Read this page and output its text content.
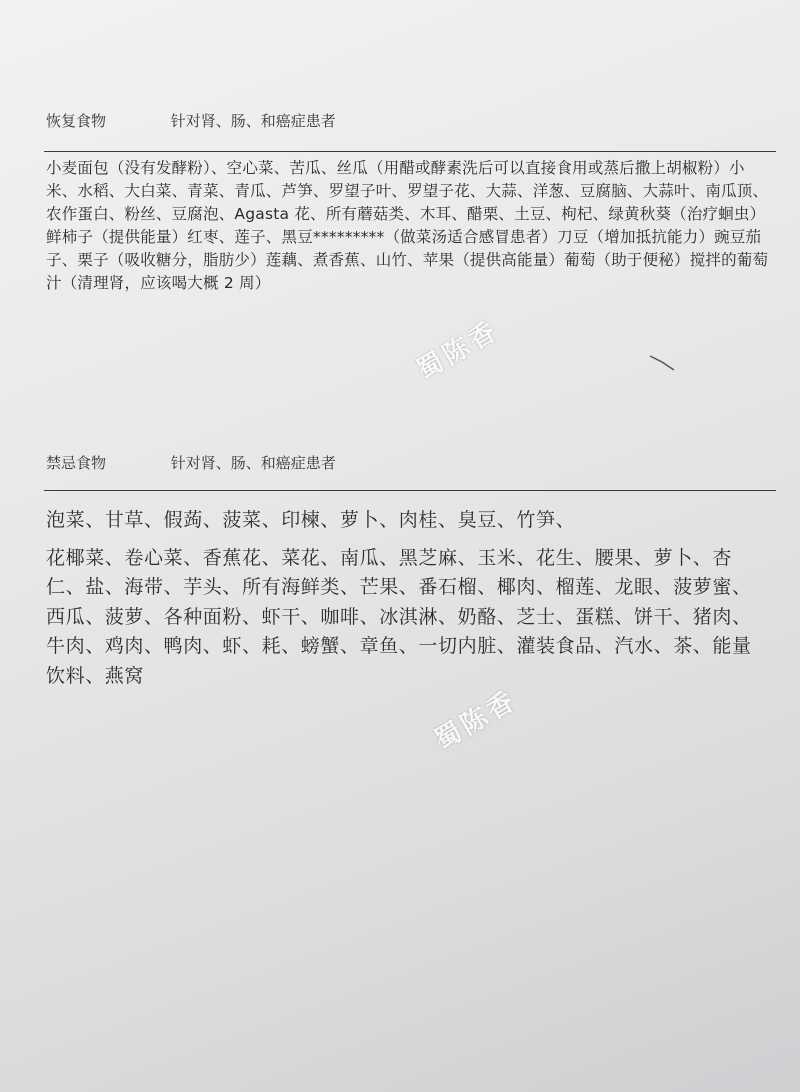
恢复食物	针对肾、肠、和癌症患者

小麦面包（没有发酵粉）、空心菜、苦瓜、丝瓜（用醋或酵素洗后可以直接食用或蒸后撒上胡椒粉）小米、水稻、大白菜、青菜、青瓜、芦笋、罗望子叶、罗望子花、大蒜、洋葱、豆腐脑、大蒜叶、南瓜顶、农作蛋白、粉丝、豆腐泡、Agasta 花、所有蘑菇类、木耳、醋栗、土豆、枸杞、绿黄秋葵（治疗蛔虫）鲜柿子（提供能量）红枣、莲子、黑豆*********（做菜汤适合感冒患者）刀豆（增加抵抗能力）豌豆茄子、栗子（吸收糖分，脂肪少）莲藕、煮香蕉、山竹、苹果（提供高能量）葡萄（助于便秘）搅拌的葡萄汁（清理肾，应该喝大概 2 周）

禁忌食物	针对肾、肠、和癌症患者
泡菜、甘草、假蒟、菠菜、印楝、萝卜、肉桂、臭豆、竹笋、
花椰菜、卷心菜、香蕉花、菜花、南瓜、黑芝麻、玉米、花生、腰果、萝卜、杏仁、盐、海带、芋头、所有海鲜类、芒果、番石榴、椰肉、榴莲、龙眼、菠萝蜜、西瓜、菠萝、各种面粉、虾干、咖啡、冰淇淋、奶酪、芝士、蛋糕、饼干、猪肉、牛肉、鸡肉、鸭肉、虾、耗、螃蟹、章鱼、一切内脏、灌装食品、汽水、茶、能量饮料、燕窝
蜀陈香
蜀陈香
